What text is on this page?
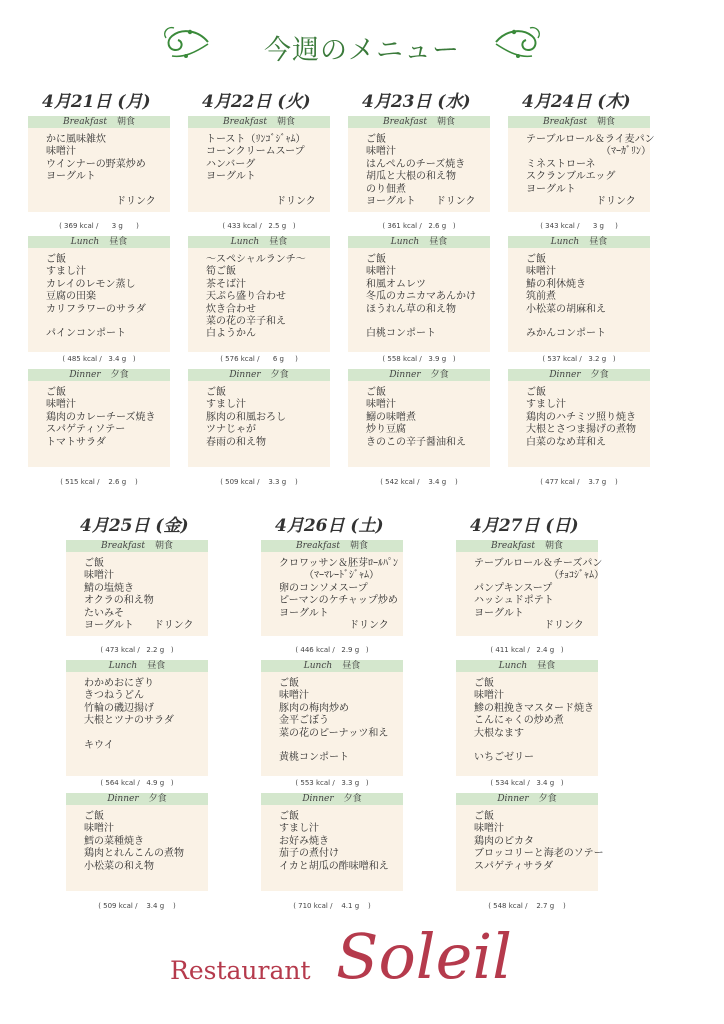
今週のメニュー
4月21日 (月)
Breakfast 朝食
かに風味雑炊
味噌汁
ウインナーの野菜炒め
ヨーグルト
　　　　　　　ドリンク
( 369 kcal /      3 g      )
Lunch 昼食
ご飯
すまし汁
カレイのレモン蒸し
豆腐の田楽
カリフラワーのサラダ
パインコンポート
( 485 kcal /   3.4 g   )
Dinner 夕食
ご飯
味噌汁
鶏肉のカレーチーズ焼き
スパゲティソテー
トマトサラダ
( 515 kcal /    2.6 g    )
4月22日 (火)
Breakfast 朝食
トースト（ﾘﾝｺﾞｼﾞｬﾑ）
コーンクリームスープ
ハンバーグ
ヨーグルト
　　　　　　　ドリンク
( 433 kcal /   2.5 g   )
Lunch 昼食
～スペシャルランチ～
筍ご飯
茶そば汁
天ぷら盛り合わせ
炊き合わせ
菜の花の辛子和え
白ようかん
( 576 kcal /      6 g     )
Dinner 夕食
ご飯
すまし汁
豚肉の和風おろし
ツナじゃが
春雨の和え物
( 509 kcal /    3.3 g    )
4月23日 (水)
Breakfast 朝食
ご飯
味噌汁
はんぺんのチーズ焼き
胡瓜と大根の和え物
のり佃煮
ヨーグルト　　ドリンク
( 361 kcal /   2.6 g   )
Lunch 昼食
ご飯
味噌汁
和風オムレツ
冬瓜のカニカマあんかけ
ほうれん草の和え物
白桃コンポート
( 558 kcal /   3.9 g   )
Dinner 夕食
ご飯
味噌汁
鰯の味噌煮
炒り豆腐
きのこの辛子醤油和え
( 542 kcal /    3.4 g    )
4月24日 (木)
Breakfast 朝食
テーブルロール＆ライ麦パン
　　　　　　　　（ﾏｰｶﾞﾘﾝ）
ミネストローネ
スクランブルエッグ
ヨーグルト
　　　　　　　ドリンク
( 343 kcal /      3 g     )
Lunch 昼食
ご飯
味噌汁
鰆の利休焼き
筑前煮
小松菜の胡麻和え
みかんコンポート
( 537 kcal /   3.2 g   )
Dinner 夕食
ご飯
すまし汁
鶏肉のハチミツ照り焼き
大根とさつま揚げの煮物
白菜のなめ茸和え
( 477 kcal /    3.7 g    )
4月25日 (金)
Breakfast 朝食
ご飯
味噌汁
鯖の塩焼き
オクラの和え物
たいみそ
ヨーグルト　　ドリンク
( 473 kcal /   2.2 g   )
Lunch 昼食
わかめおにぎり
きつねうどん
竹輪の磯辺揚げ
大根とツナのサラダ
キウイ
( 564 kcal /   4.9 g   )
Dinner 夕食
ご飯
味噌汁
鱈の菜種焼き
鶏肉とれんこんの煮物
小松菜の和え物
( 509 kcal /    3.4 g    )
4月26日 (土)
Breakfast 朝食
クロワッサン＆胚芽ﾛｰﾙﾊﾟﾝ
　　　（ﾏｰﾏﾚｰﾄﾞｼﾞｬﾑ）
卵のコンソメスープ
ピーマンのケチャップ炒め
ヨーグルト
　　　　　　　ドリンク
( 446 kcal /   2.9 g   )
Lunch 昼食
ご飯
味噌汁
豚肉の梅肉炒め
金平ごぼう
菜の花のピーナッツ和え
黄桃コンポート
( 553 kcal /   3.3 g   )
Dinner 夕食
ご飯
すまし汁
お好み焼き
茄子の煮付け
イカと胡瓜の酢味噌和え
( 710 kcal /    4.1 g    )
4月27日 (日)
Breakfast 朝食
テーブルロール＆チーズパン
　　　　　　　　（ﾁｮｺｼﾞｬﾑ）
パンプキンスープ
ハッシュドポテト
ヨーグルト
　　　　　　　ドリンク
( 411 kcal /   2.4 g   )
Lunch 昼食
ご飯
味噌汁
鯵の粗挽きマスタード焼き
こんにゃくの炒め煮
大根なます
いちごゼリー
( 534 kcal /   3.4 g   )
Dinner 夕食
ご飯
味噌汁
鶏肉のピカタ
ブロッコリーと海老のソテー
スパゲティサラダ
( 548 kcal /    2.7 g    )
Restaurant Soleil
